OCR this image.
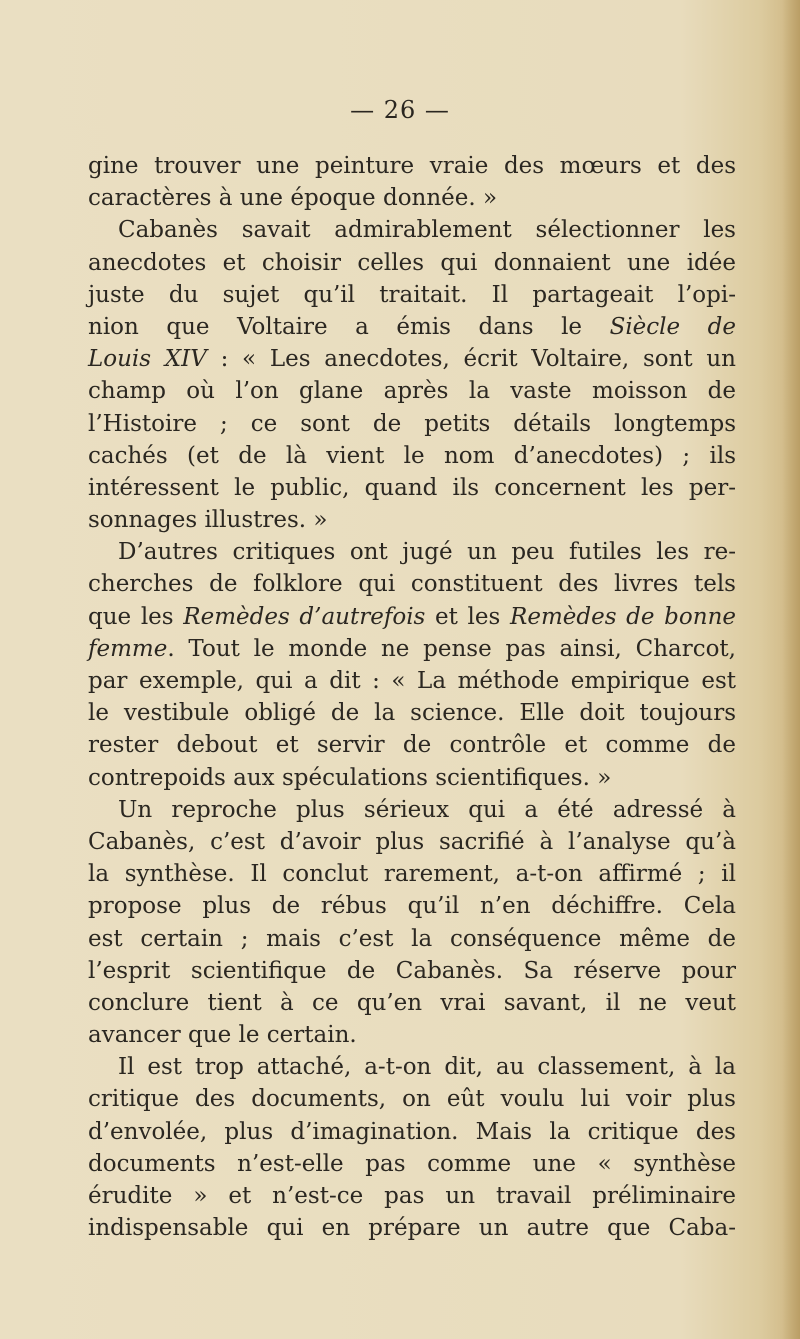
— 26 —
gine trouver une peinture vraie des mœurs et des
caractères à une époque donnée. »
Cabanès savait admirablement sélectionner les
anecdotes et choisir celles qui donnaient une idée
juste du sujet qu’il traitait. Il partageait l’opi-
nion que Voltaire a émis dans le Siècle de
Louis XIV : « Les anecdotes, écrit Voltaire, sont un
champ où l’on glane après la vaste moisson de
l’Histoire ; ce sont de petits détails longtemps
cachés (et de là vient le nom d’anecdotes) ; ils
intéressent le public, quand ils concernent les per-
sonnages illustres. »
D’autres critiques ont jugé un peu futiles les re-
cherches de folklore qui constituent des livres tels
que les Remèdes d’autrefois et les Remèdes de bonne
femme. Tout le monde ne pense pas ainsi, Charcot,
par exemple, qui a dit : « La méthode empirique est
le vestibule obligé de la science. Elle doit toujours
rester debout et servir de contrôle et comme de
contrepoids aux spéculations scientifiques. »
Un reproche plus sérieux qui a été adressé à
Cabanès, c’est d’avoir plus sacrifié à l’analyse qu’à
la synthèse. Il conclut rarement, a-t-on affirmé ; il
propose plus de rébus qu’il n’en déchiffre. Cela
est certain ; mais c’est la conséquence même de
l’esprit scientifique de Cabanès. Sa réserve pour
conclure tient à ce qu’en vrai savant, il ne veut
avancer que le certain.
Il est trop attaché, a-t-on dit, au classement, à la
critique des documents, on eût voulu lui voir plus
d’envolée, plus d’imagination. Mais la critique des
documents n’est-elle pas comme une « synthèse
érudite » et n’est-ce pas un travail préliminaire
indispensable qui en prépare un autre que Caba-
